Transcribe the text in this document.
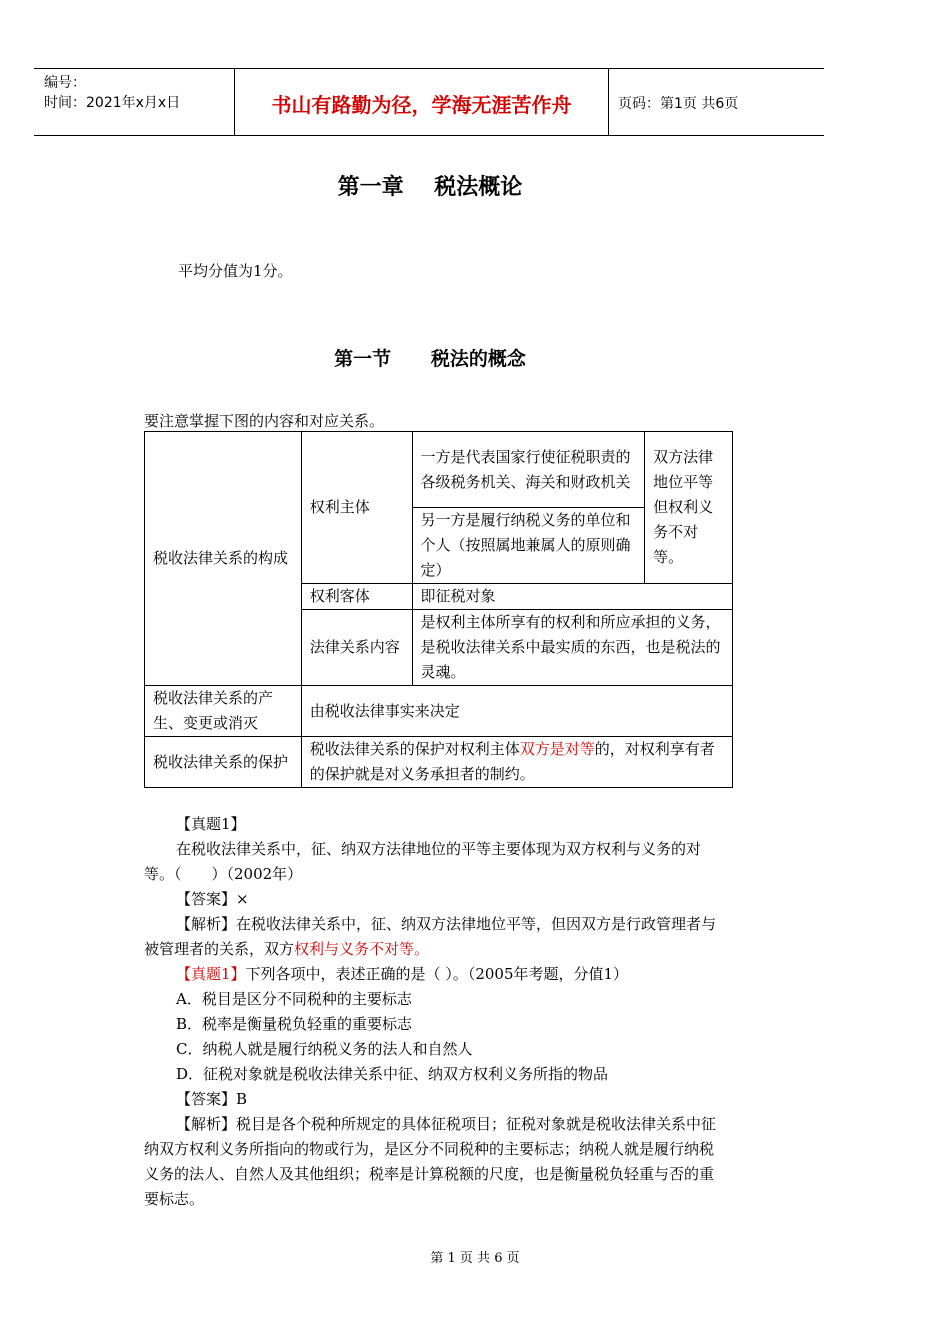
编号：
时间：2021年x月x日	书山有路勤为径，学海无涯苦作舟	页码：第1页 共6页
第一章    税法概论
平均分值为1分。
第一节      税法的概念
要注意掌握下图的内容和对应关系。
税收法律关系的构成	权利主体	一方是代表国家行使征税职责的各级税务机关、海关和财政机关	双方法律地位平等但权利义务不对等。
		另一方是履行纳税义务的单位和个人（按照属地兼属人的原则确定）	
	权利客体	即征税对象	
	法律关系内容	是权利主体所享有的权利和所应承担的义务，是税收法律关系中最实质的东西，也是税法的灵魂。	
税收法律关系的产生、变更或消灭	由税收法律事实来决定		
税收法律关系的保护	税收法律关系的保护对权利主体双方是对等的，对权利享有者的保护就是对义务承担者的制约。		

【真题1】

在税收法律关系中，征、纳双方法律地位的平等主要体现为双方权利与义务的对等。（　　）（2002年）

【答案】×

【解析】在税收法律关系中，征、纳双方法律地位平等，但因双方是行政管理者与被管理者的关系，双方权利与义务不对等。

【真题1】下列各项中，表述正确的是（ ）。（2005年考题，分值1）

A．税目是区分不同税种的主要标志

B．税率是衡量税负轻重的重要标志

C．纳税人就是履行纳税义务的法人和自然人

D．征税对象就是税收法律关系中征、纳双方权利义务所指的物品

【答案】B

【解析】税目是各个税种所规定的具体征税项目；征税对象就是税收法律关系中征纳双方权利义务所指向的物或行为，是区分不同税种的主要标志；纳税人就是履行纳税义务的法人、自然人及其他组织；税率是计算税额的尺度，也是衡量税负轻重与否的重要标志。

第 1 页 共 6 页
